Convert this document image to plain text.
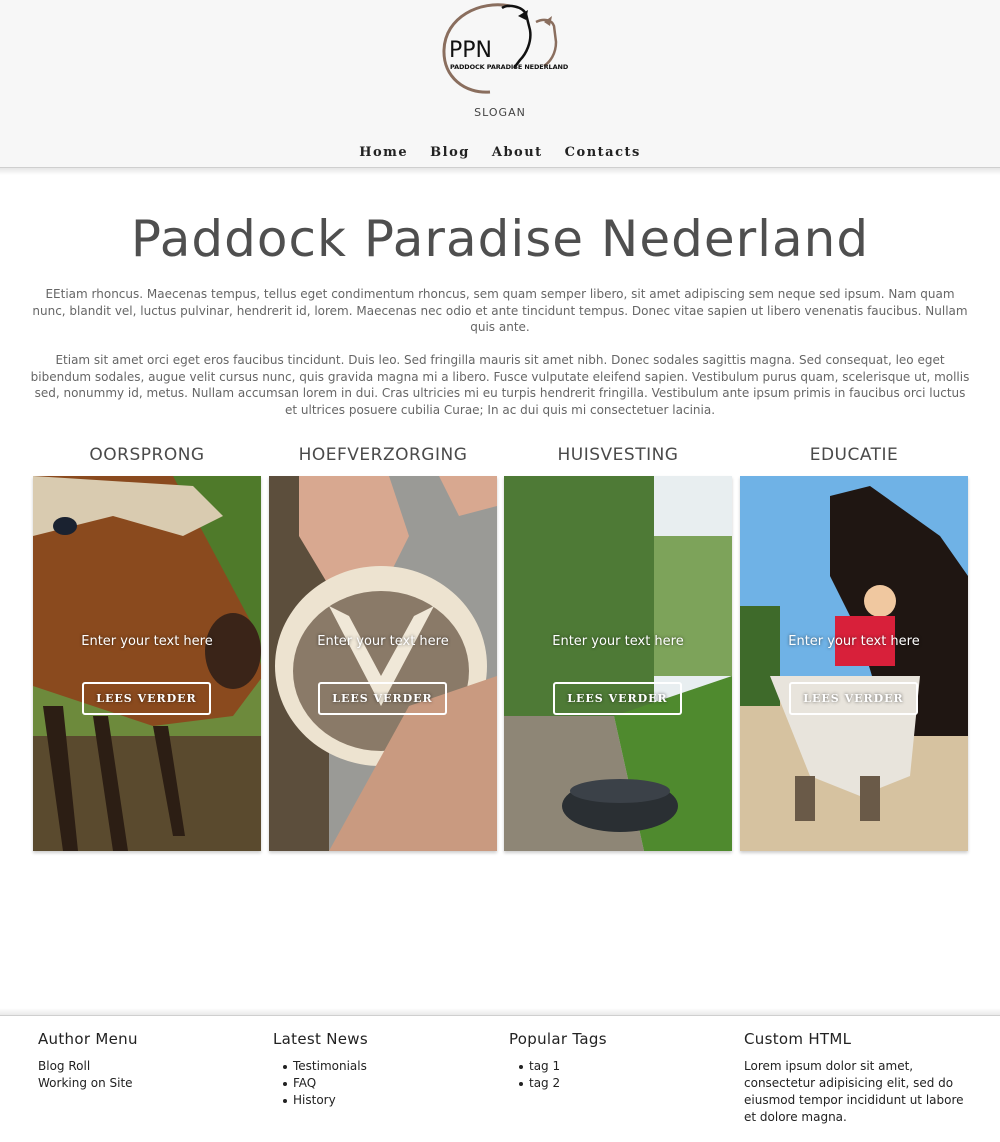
PPN
PADDOCK PARADISE NEDERLAND
SLOGAN
Home Blog About Contacts
Paddock Paradise Nederland

EEtiam rhoncus. Maecenas tempus, tellus eget condimentum rhoncus, sem quam semper libero, sit amet adipiscing sem neque sed ipsum. Nam quam nunc, blandit vel, luctus pulvinar, hendrerit id, lorem. Maecenas nec odio et ante tincidunt tempus. Donec vitae sapien ut libero venenatis faucibus. Nullam quis ante.

Etiam sit amet orci eget eros faucibus tincidunt. Duis leo. Sed fringilla mauris sit amet nibh. Donec sodales sagittis magna. Sed consequat, leo eget bibendum sodales, augue velit cursus nunc, quis gravida magna mi a libero. Fusce vulputate eleifend sapien. Vestibulum purus quam, scelerisque ut, mollis sed, nonummy id, metus. Nullam accumsan lorem in dui. Cras ultricies mi eu turpis hendrerit fringilla. Vestibulum ante ipsum primis in faucibus orci luctus et ultrices posuere cubilia Curae; In ac dui quis mi consectetuer lacinia.

OORSPRONG
Enter your text here
LEES VERDER
HOEFVERZORGING
Enter your text here
LEES VERDER
HUISVESTING
Enter your text here
LEES VERDER
EDUCATIE
Enter your text here
LEES VERDER
Author Menu
Blog Roll
Working on Site
Latest News
Testimonials
FAQ
History
Popular Tags
tag 1
tag 2
Custom HTML

Lorem ipsum dolor sit amet, consectetur adipisicing elit, sed do eiusmod tempor incididunt ut labore et dolore magna.
